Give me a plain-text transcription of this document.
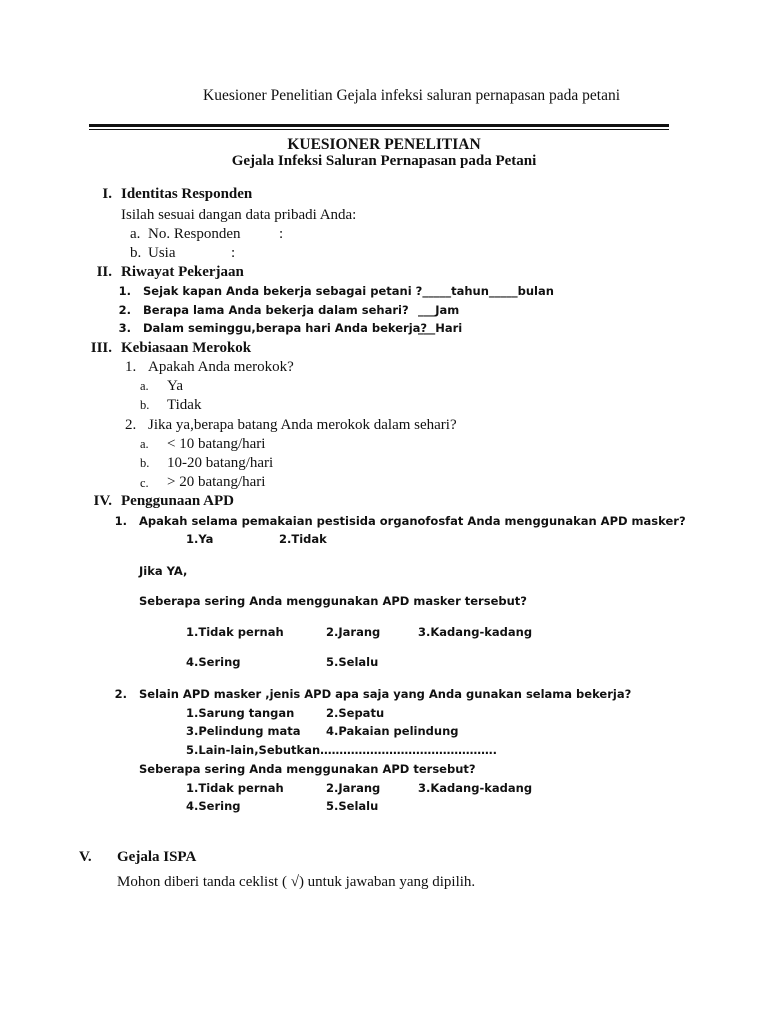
Kuesioner Penelitian Gejala infeksi saluran pernapasan pada petani
KUESIONER PENELITIAN
Gejala Infeksi Saluran Pernapasan pada Petani
I. Identitas Responden
Isilah sesuai dangan data pribadi Anda:
a. No. Responden	:
b. Usia	:
II. Riwayat Pekerjaan
1. Sejak kapan Anda bekerja sebagai petani ?_____tahun_____bulan
2. Berapa lama Anda bekerja dalam sehari? ___Jam
3. Dalam seminggu,berapa hari Anda bekerja?
___Hari
III. Kebiasaan Merokok
1. Apakah Anda merokok?
a. Ya
b. Tidak
2. Jika ya,berapa batang Anda merokok dalam sehari?
a. < 10 batang/hari
b. 10-20 batang/hari
c. > 20 batang/hari
IV. Penggunaan APD
1. Apakah selama pemakaian pestisida organofosfat Anda menggunakan APD masker?
1.Ya	2.Tidak
Jika YA,
Seberapa sering Anda menggunakan APD masker tersebut?
1.Tidak pernah	2.Jarang	3.Kadang-kadang
4.Sering	5.Selalu
2. Selain APD masker ,jenis APD apa saja yang Anda gunakan selama bekerja?
1.Sarung tangan	2.Sepatu
3.Pelindung mata 4.Pakaian pelindung
5.Lain-lain,Sebutkan……………………………………….
Seberapa sering Anda menggunakan APD tersebut?
1.Tidak pernah	2.Jarang	3.Kadang-kadang
4.Sering	5.Selalu
V. Gejala ISPA
Mohon diberi tanda ceklist ( √) untuk jawaban yang dipilih.
